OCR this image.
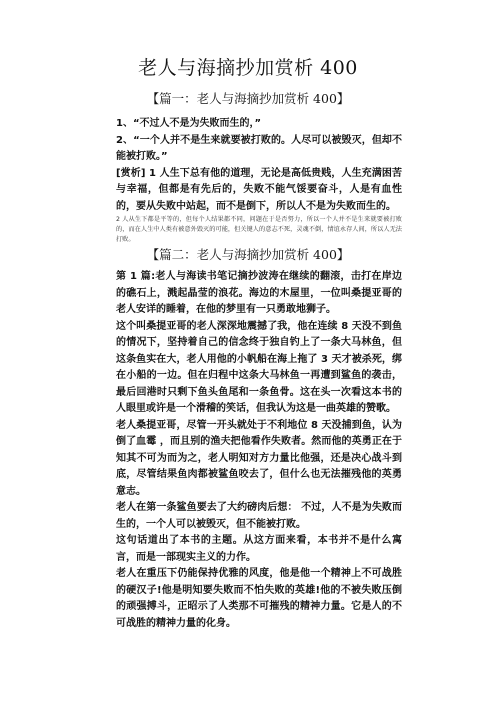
老人与海摘抄加赏析 400
【篇一：老人与海摘抄加赏析 400】

1、“不过人不是为失败而生的，”

2、“一个人并不是生来就要被打败的。人尽可以被毁灭，但却不能被打败。”

[赏析] 1 人生下总有他的道理，无论是高低贵贱，人生充满困苦与幸福，但都是有先后的，失败不能气馁要奋斗，人是有血性的，要从失败中站起，而不是倒下，所以人不是为失败而生的。

2 人从生下都是平等的，但每个人结果都不同，问题在于是否努力，所以一个人并不是生来就要被打败的，而在人生中人类有被意外毁灭的可能，但关键人的意志不死，灵魂不倒，情谊永存人间，所以人无法打败。

【篇二：老人与海摘抄加赏析 400】

第 1 篇:老人与海读书笔记摘抄波涛在继续的翻滚，击打在岸边的礁石上，溅起晶莹的浪花。海边的木屋里，一位叫桑提亚哥的老人安详的睡着，在他的梦里有一只勇敢地狮子。

这个叫桑提亚哥的老人深深地震撼了我，他在连续 8 天没不到鱼的情况下，坚持着自己的信念终于独自钓上了一条大马林鱼，但这条鱼实在大，老人用他的小帆船在海上拖了 3 天才被杀死，绑在小船的一边。但在归程中这条大马林鱼一再遭到鲨鱼的袭击，最后回港时只剩下鱼头鱼尾和一条鱼骨。这在头一次看这本书的人眼里或许是一个滑稽的笑话，但我认为这是一曲英雄的赞歌。

老人桑提亚哥，尽管一开头就处于不利地位 8 天没捕到鱼，认为 倒了血霉 ，而且别的渔夫把他看作失败者。然而他的英勇正在于知其不可为而为之，老人明知对方力量比他强，还是决心战斗到底，尽管结果鱼肉都被鲨鱼咬去了，但什么也无法摧残他的英勇意志。

老人在第一条鲨鱼要去了大约磅肉后想： 不过，人不是为失败而生的，一个人可以被毁灭，但不能被打败。

这句话道出了本书的主题。从这方面来看，本书并不是什么寓言，而是一部现实主义的力作。

老人在重压下仍能保持优雅的风度，他是他一个精神上不可战胜的硬汉子!他是明知要失败而不怕失败的英雄!他的不被失败压倒的顽强搏斗，正昭示了人类那不可摧残的精神力量。它是人的不可战胜的精神力量的化身。
